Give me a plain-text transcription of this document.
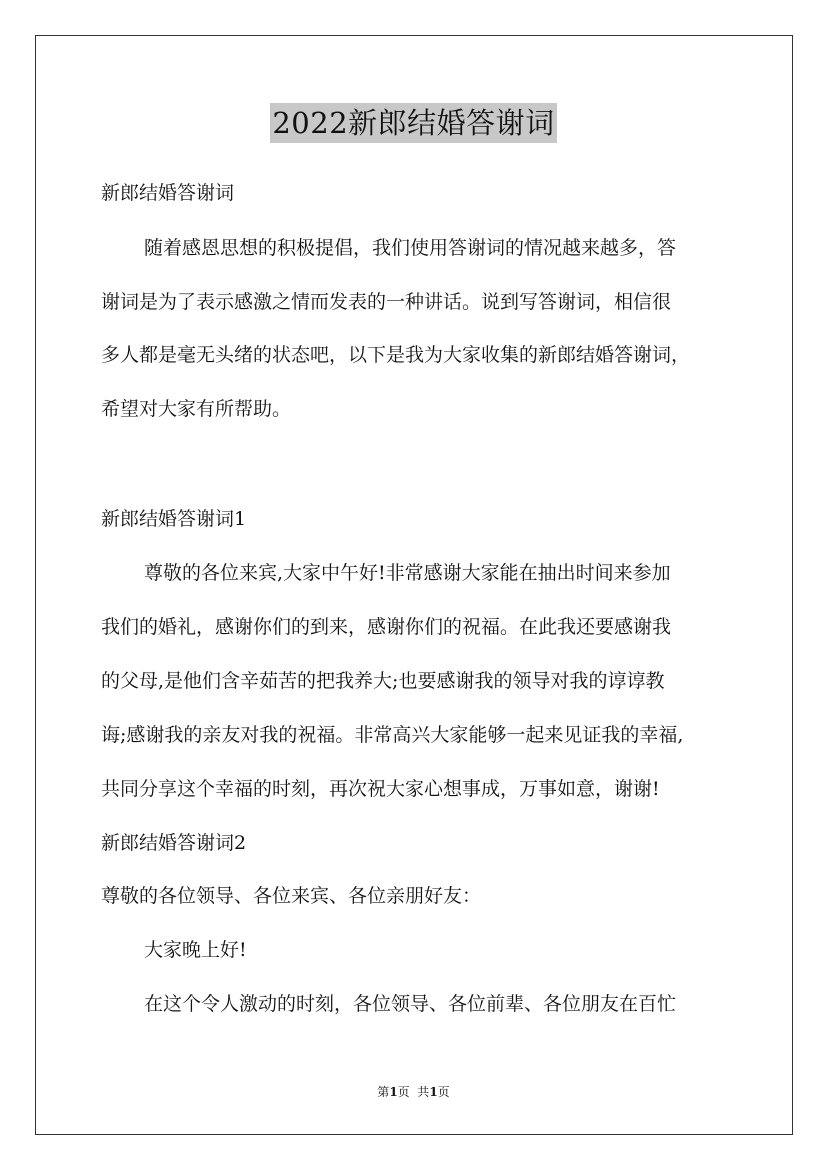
2022新郎结婚答谢词
新郎结婚答谢词
随着感恩思想的积极提倡，我们使用答谢词的情况越来越多，答
谢词是为了表示感激之情而发表的一种讲话。说到写答谢词，相信很
多人都是毫无头绪的状态吧，以下是我为大家收集的新郎结婚答谢词，
希望对大家有所帮助。
新郎结婚答谢词1
尊敬的各位来宾,大家中午好!非常感谢大家能在抽出时间来参加
我们的婚礼，感谢你们的到来，感谢你们的祝福。在此我还要感谢我
的父母,是他们含辛茹苦的把我养大;也要感谢我的领导对我的谆谆教
诲;感谢我的亲友对我的祝福。非常高兴大家能够一起来见证我的幸福,
共同分享这个幸福的时刻，再次祝大家心想事成，万事如意，谢谢!
新郎结婚答谢词2
尊敬的各位领导、各位来宾、各位亲朋好友：
大家晚上好!
在这个令人激动的时刻，各位领导、各位前辈、各位朋友在百忙
第1页  共1页
